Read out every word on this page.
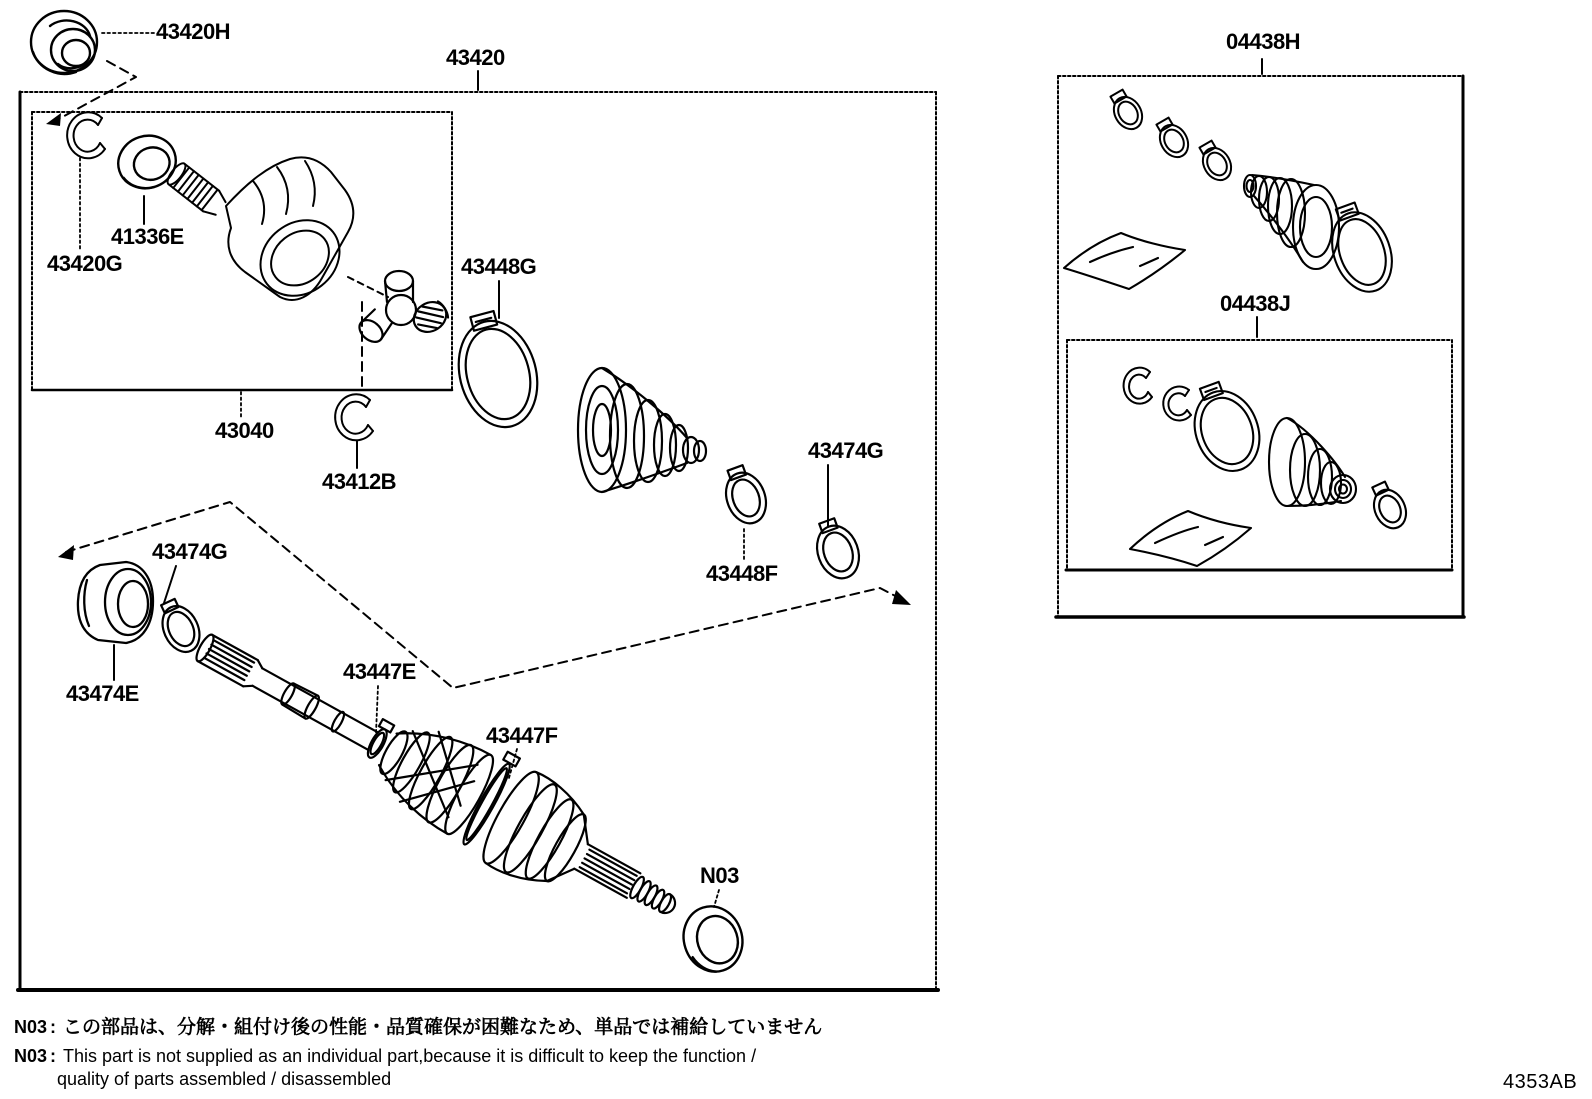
43420H
43420
43420G
41336E
43040
43412B
43448G
43448F
43474G
43474G
43474E
43447E
43447F
N03
04438H
04438J
N03 : この部品は、分解・組付け後の性能・品質確保が困難なため、単品では補給していません
N03 : This part is not supplied as an individual part,because it is difficult to keep the function /
quality of parts assembled / disassembled	4353AB
